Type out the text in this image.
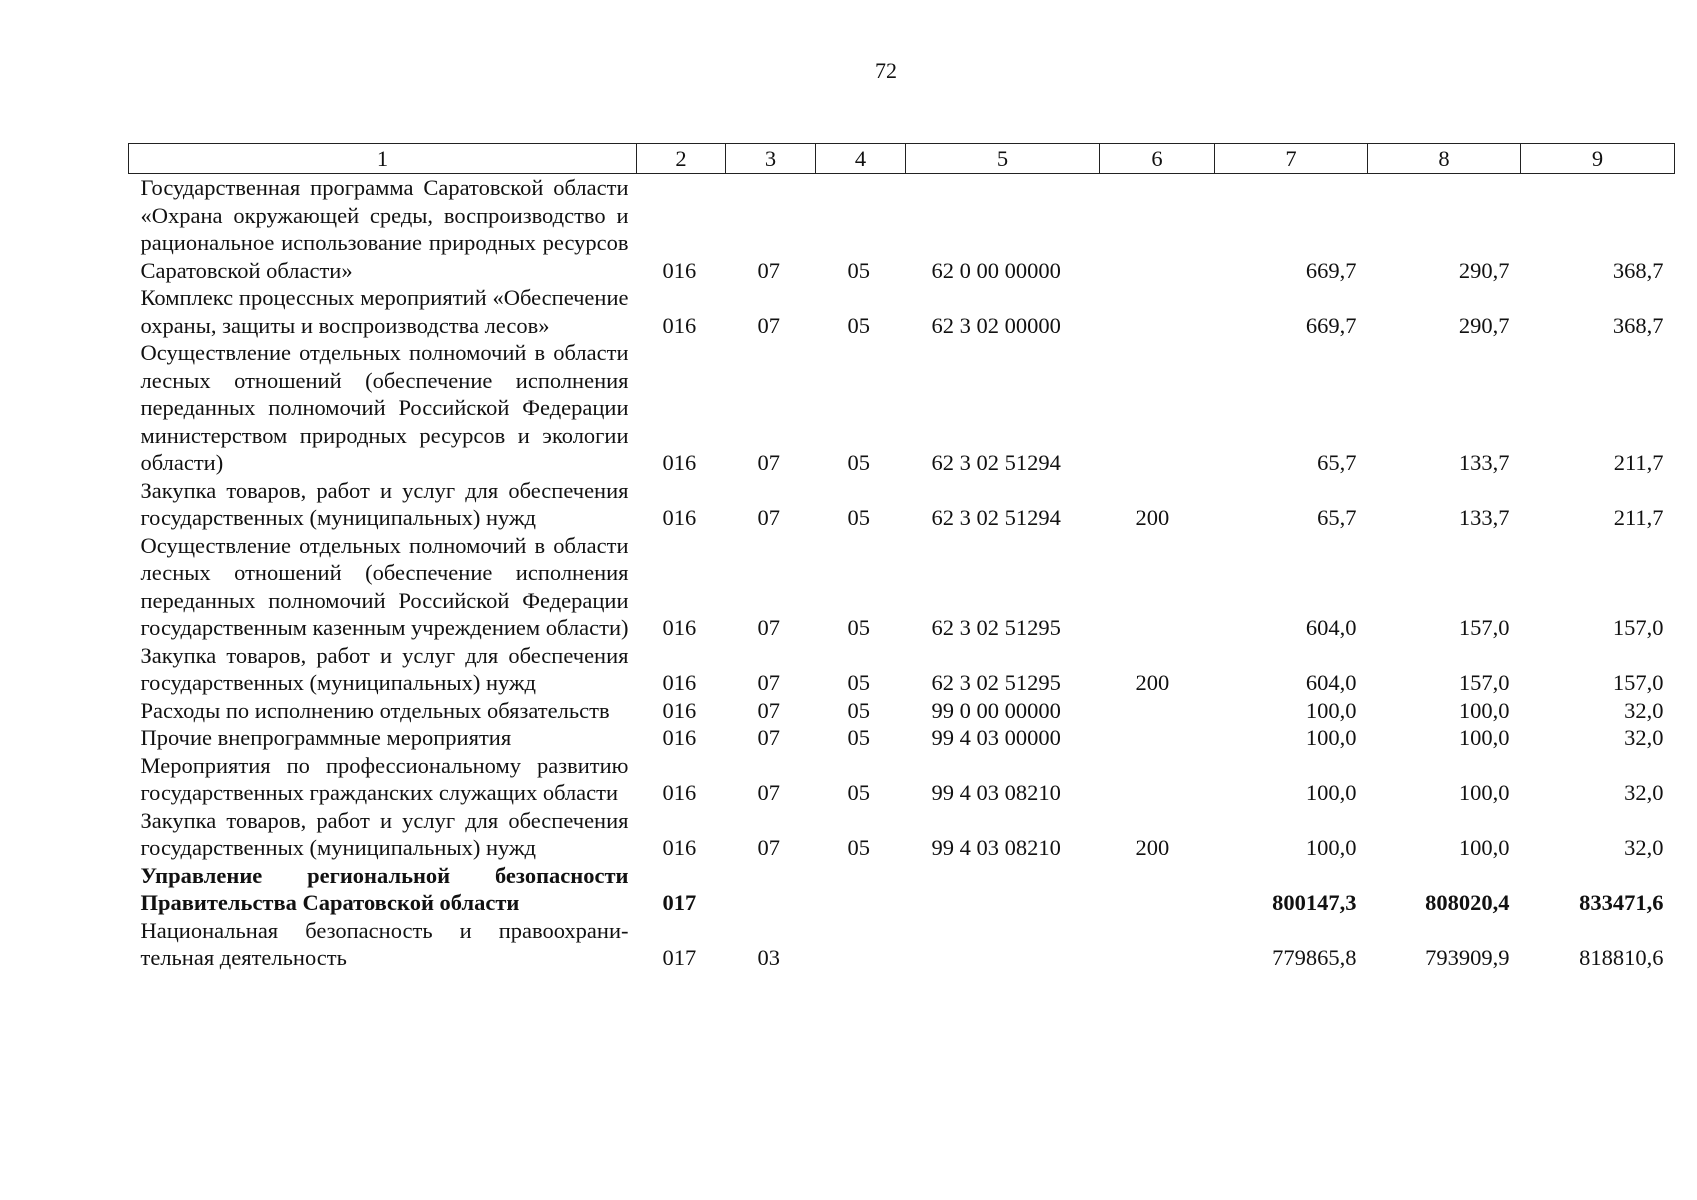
72
1	2	3	4	5	6	7	8	9
Государственная программа Саратовской области «Охрана окружающей среды, воспроизводство и рациональное использование природных ресурсов Саратовской области»	016	07	05	62 0 00 00000		669,7	290,7	368,7
Комплекс процессных мероприятий «Обеспечение охраны, защиты и воспроизводства лесов»	016	07	05	62 3 02 00000		669,7	290,7	368,7
Осуществление отдельных полномочий в области лесных отношений (обеспечение исполнения переданных полномочий Российской Федерации министерством природных ресурсов и экологии области)	016	07	05	62 3 02 51294		65,7	133,7	211,7
Закупка товаров, работ и услуг для обеспечения государственных (муниципальных) нужд	016	07	05	62 3 02 51294	200	65,7	133,7	211,7
Осуществление отдельных полномочий в области лесных отношений (обеспечение исполнения переданных полномочий Российской Федерации государственным казенным учреждением области)	016	07	05	62 3 02 51295		604,0	157,0	157,0
Закупка товаров, работ и услуг для обеспечения государственных (муниципальных) нужд	016	07	05	62 3 02 51295	200	604,0	157,0	157,0
Расходы по исполнению отдельных обязательств	016	07	05	99 0 00 00000		100,0	100,0	32,0
Прочие внепрограммные мероприятия	016	07	05	99 4 03 00000		100,0	100,0	32,0
Мероприятия по профессиональному развитию государственных гражданских служащих области	016	07	05	99 4 03 08210		100,0	100,0	32,0
Закупка товаров, работ и услуг для обеспечения государственных (муниципальных) нужд	016	07	05	99 4 03 08210	200	100,0	100,0	32,0
Управление региональной безопасности Правительства Саратовской области	017					800147,3	808020,4	833471,6
Национальная безопасность и правоохранительная деятельность	017	03				779865,8	793909,9	818810,6
